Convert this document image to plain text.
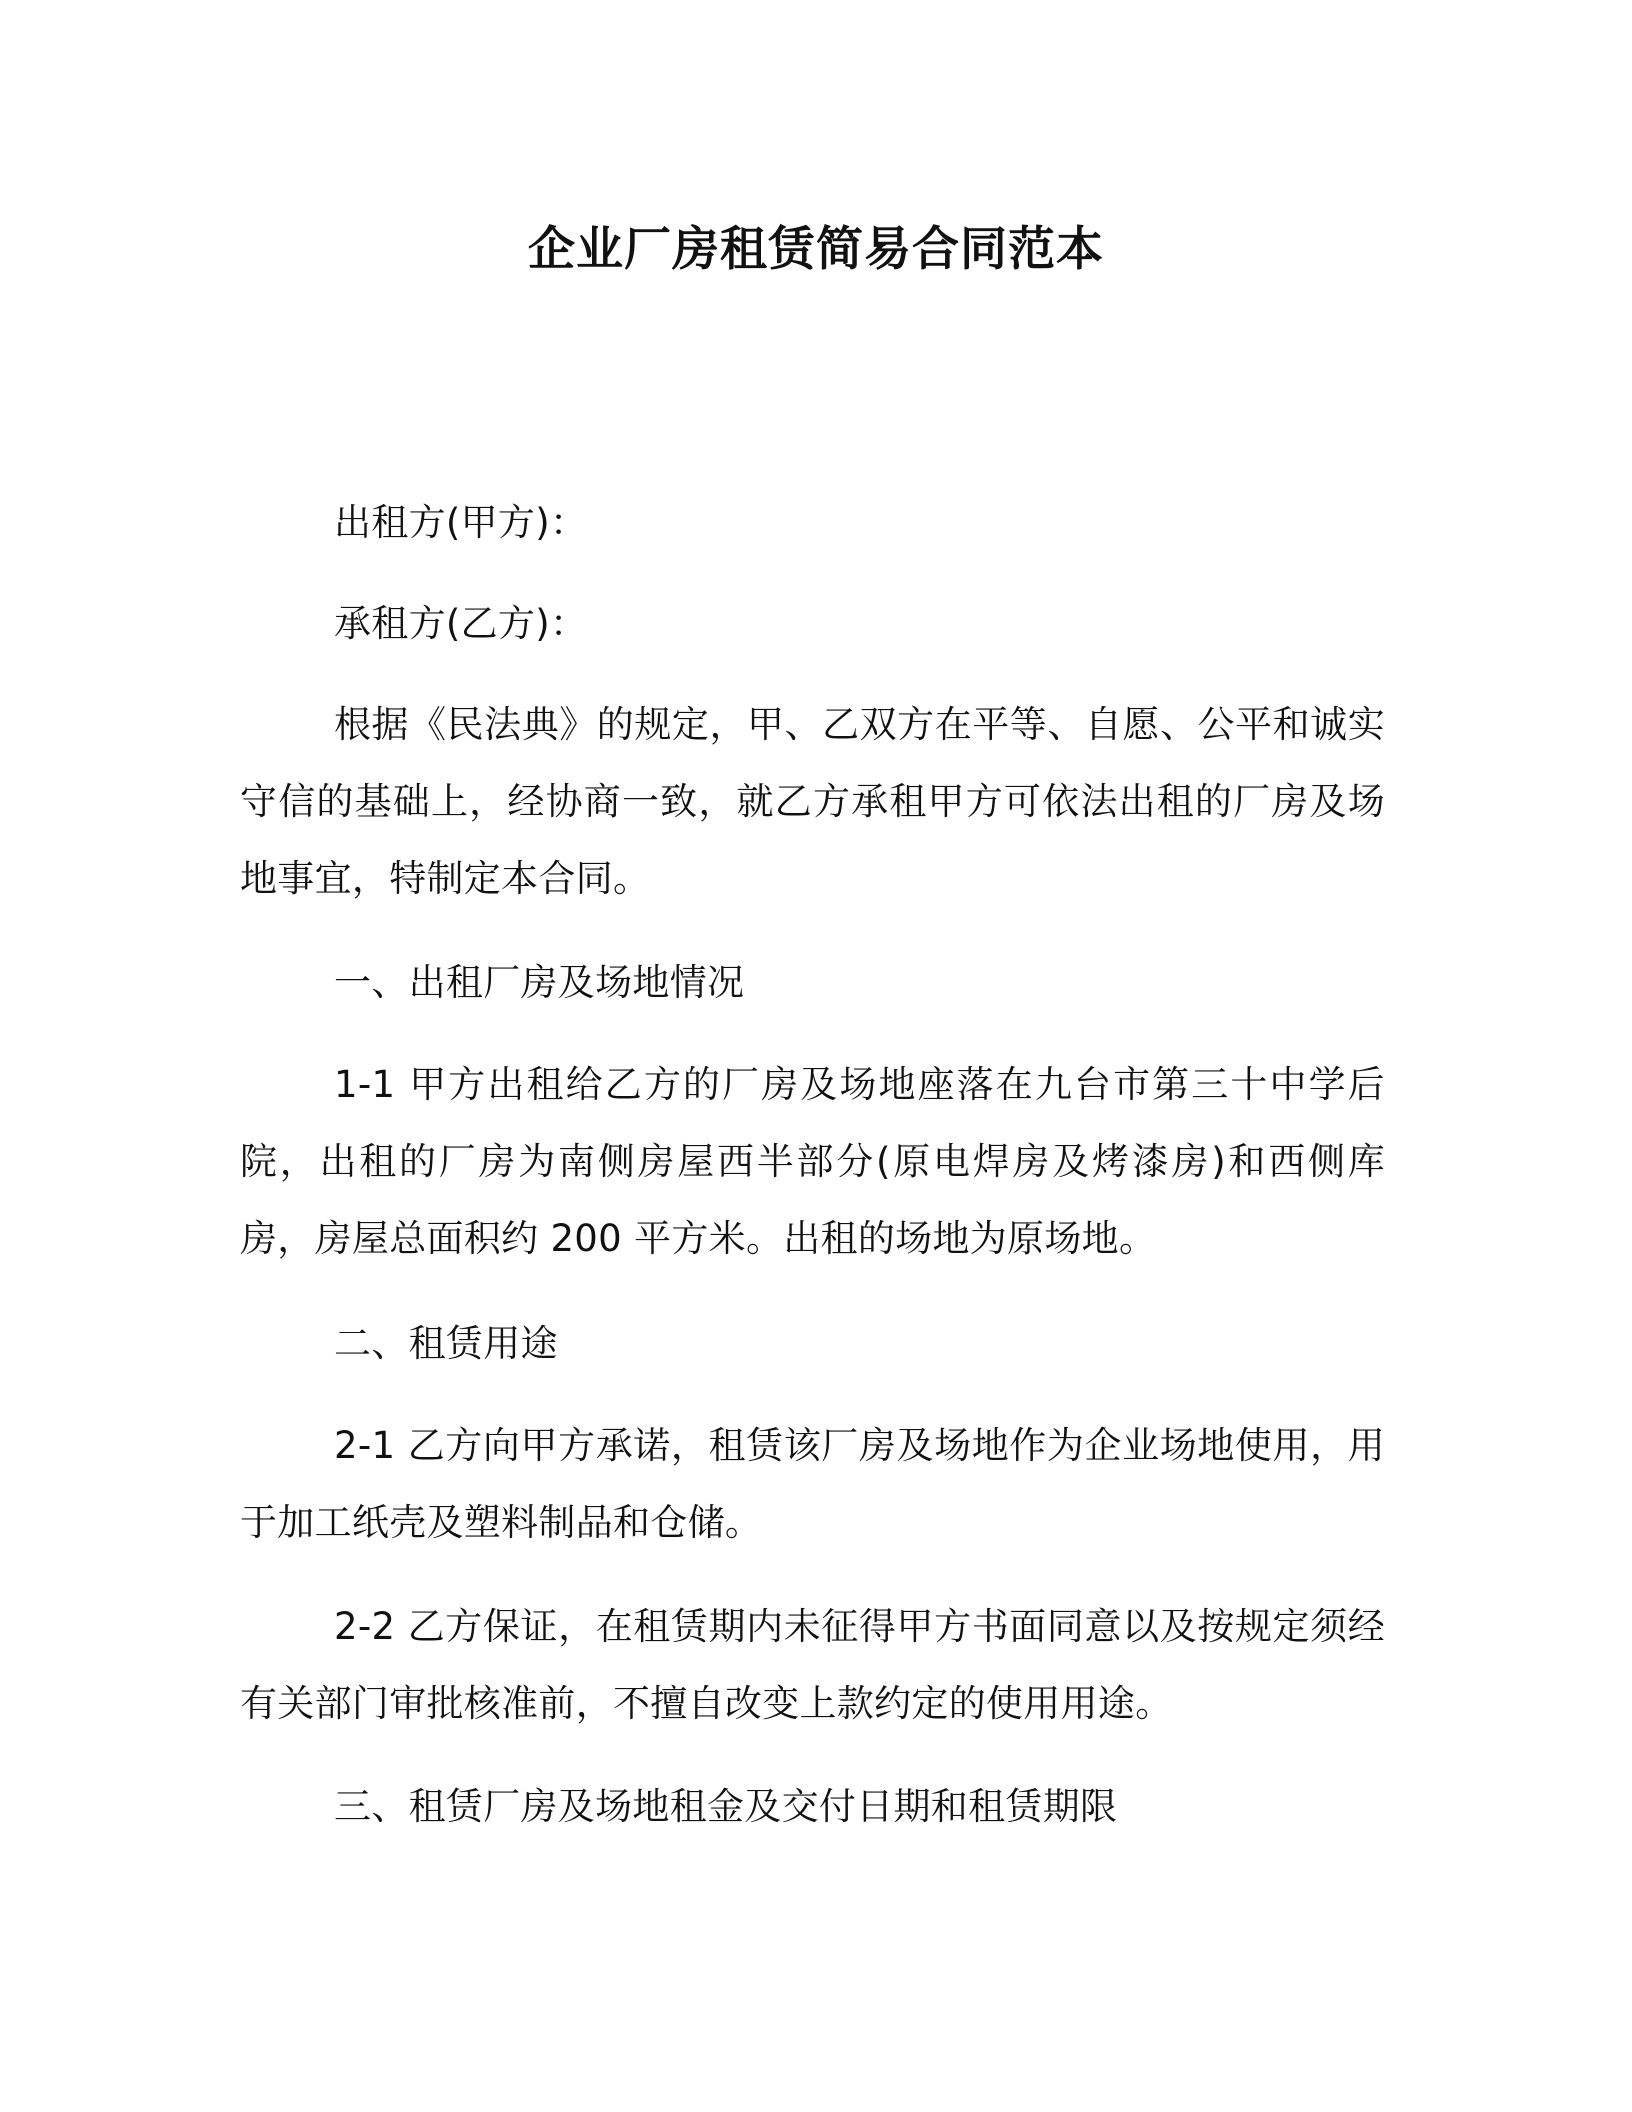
企业厂房租赁简易合同范本

出租方(甲方)：

承租方(乙方)：

根据《民法典》的规定，甲、乙双方在平等、自愿、公平和诚实守信的基础上，经协商一致，就乙方承租甲方可依法出租的厂房及场地事宜，特制定本合同。

一、出租厂房及场地情况

1-1 甲方出租给乙方的厂房及场地座落在九台市第三十中学后院，出租的厂房为南侧房屋西半部分(原电焊房及烤漆房)和西侧库房，房屋总面积约 200 平方米。出租的场地为原场地。

二、租赁用途

2-1 乙方向甲方承诺，租赁该厂房及场地作为企业场地使用，用于加工纸壳及塑料制品和仓储。

2-2 乙方保证，在租赁期内未征得甲方书面同意以及按规定须经有关部门审批核准前，不擅自改变上款约定的使用用途。

三、租赁厂房及场地租金及交付日期和租赁期限
